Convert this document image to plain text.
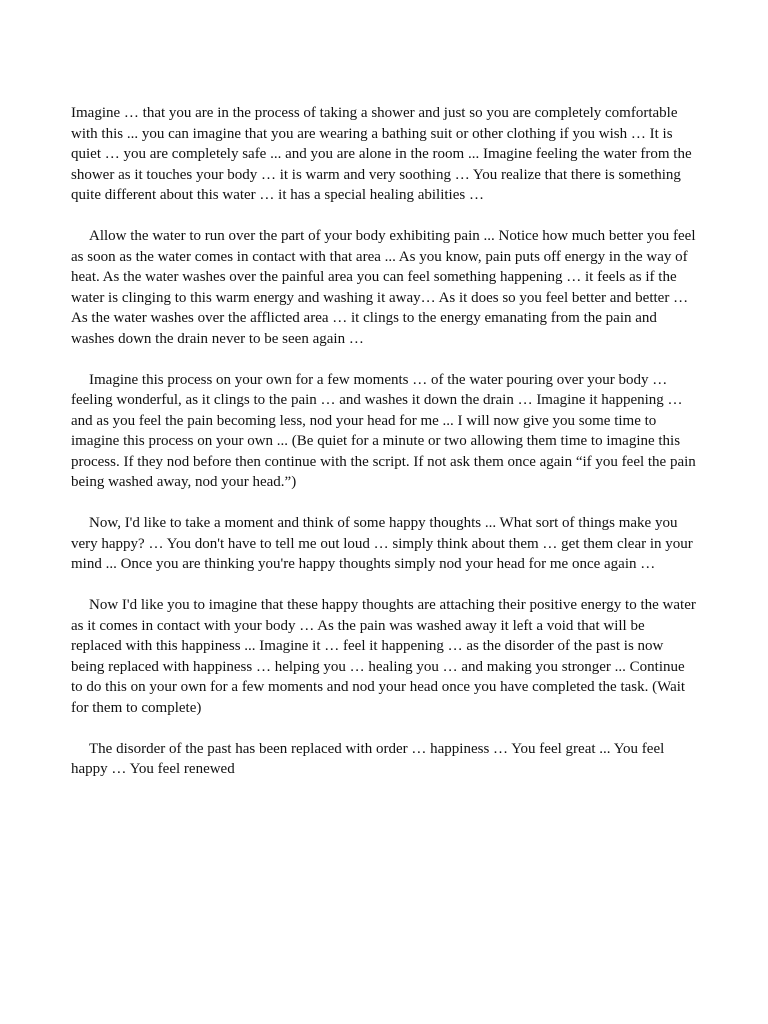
Imagine … that you are in the process of taking a shower and just so you are completely comfortable with this ... you can imagine that you are wearing a bathing suit or other clothing if you wish … It is quiet … you are completely safe ... and you are alone in the room ... Imagine feeling the water from the shower as it touches your body … it is warm and very soothing … You realize that there is something quite different about this water … it has a special healing abilities …

Allow the water to run over the part of your body exhibiting pain ... Notice how much better you feel as soon as the water comes in contact with that area ... As you know, pain puts off energy in the way of heat. As the water washes over the painful area you can feel something happening … it feels as if the water is clinging to this warm energy and washing it away… As it does so you feel better and better … As the water washes over the afflicted area … it clings to the energy emanating from the pain and washes down the drain never to be seen again …

Imagine this process on your own for a few moments … of the water pouring over your body … feeling wonderful, as it clings to the pain … and washes it down the drain … Imagine it happening … and as you feel the pain becoming less, nod your head for me ... I will now give you some time to imagine this process on your own ... (Be quiet for a minute or two allowing them time to imagine this process. If they nod before then continue with the script. If not ask them once again “if you feel the pain being washed away, nod your head.”)

Now, I'd like to take a moment and think of some happy thoughts ... What sort of things make you very happy? … You don't have to tell me out loud … simply think about them … get them clear in your mind ... Once you are thinking you're happy thoughts simply nod your head for me once again …

Now I'd like you to imagine that these happy thoughts are attaching their positive energy to the water as it comes in contact with your body … As the pain was washed away it left a void that will be replaced with this happiness ... Imagine it … feel it happening … as the disorder of the past is now being replaced with happiness … helping you … healing you … and making you stronger ... Continue to do this on your own for a few moments and nod your head once you have completed the task. (Wait for them to complete)

The disorder of the past has been replaced with order … happiness … You feel great ... You feel happy … You feel renewed
